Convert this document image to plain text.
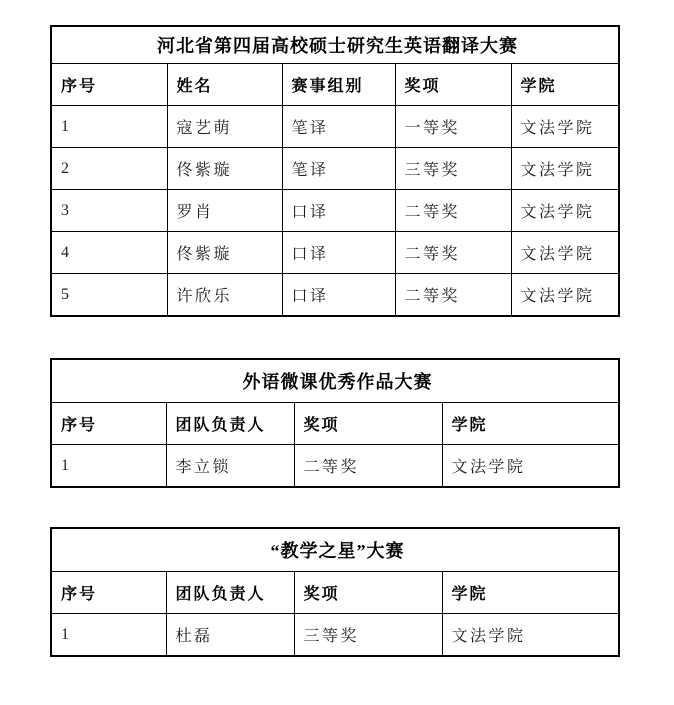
河北省第四届高校硕士研究生英语翻译大赛				
序号	姓名	赛事组别	奖项	学院
1	寇艺萌	笔译	一等奖	文法学院
2	佟紫璇	笔译	三等奖	文法学院
3	罗肖	口译	二等奖	文法学院
4	佟紫璇	口译	二等奖	文法学院
5	许欣乐	口译	二等奖	文法学院
外语微课优秀作品大赛			
序号	团队负责人	奖项	学院
1	李立锁	二等奖	文法学院
“教学之星”大赛			
序号	团队负责人	奖项	学院
1	杜磊	三等奖	文法学院
